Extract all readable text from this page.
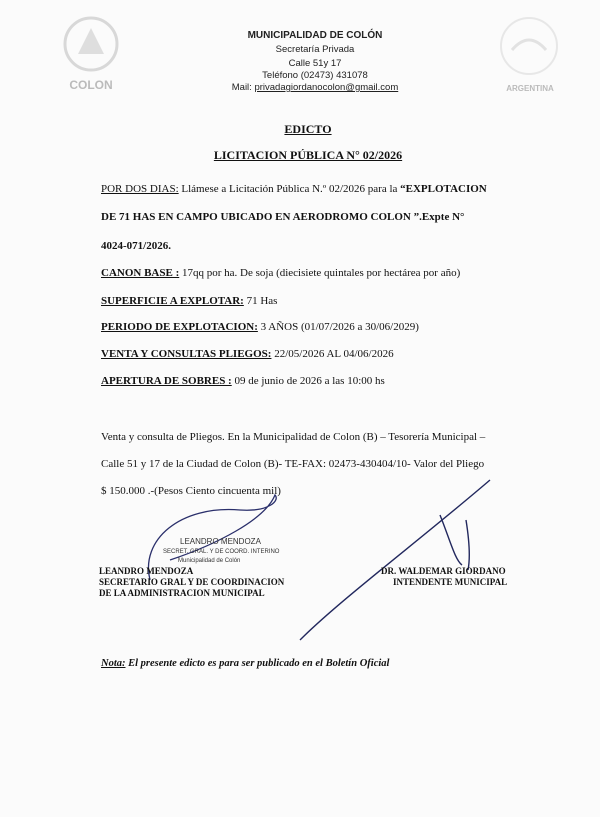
COLON	ARGENTINA
MUNICIPALIDAD DE COLÓN
Secretaría Privada
Calle 51y 17
Teléfono (02473) 431078
Mail: privadagiordanocolon@gmail.com
EDICTO
LICITACION PÚBLICA N° 02/2026
POR DOS DIAS: Llámese a Licitación Pública N.º 02/2026 para la “EXPLOTACION
DE 71 HAS EN CAMPO UBICADO EN AERODROMO COLON ”.Expte N°
4024-071/2026.
CANON BASE : 17qq por ha. De soja (diecisiete quintales por hectárea por año)
SUPERFICIE A EXPLOTAR: 71 Has
PERIODO DE EXPLOTACION: 3 AÑOS (01/07/2026 a 30/06/2029)
VENTA Y CONSULTAS PLIEGOS: 22/05/2026 AL 04/06/2026
APERTURA DE SOBRES : 09 de junio de 2026 a las 10:00 hs
Venta y consulta de Pliegos. En la Municipalidad de Colon (B) – Tesorería Municipal –
Calle 51 y 17 de la Ciudad de Colon (B)- TE-FAX: 02473-430404/10- Valor del Pliego
$ 150.000 .-(Pesos Ciento cincuenta mil)
LEANDRO MENDOZA
SECRET. GRAL. Y DE COORD. INTERINO
Municipalidad de Colón
LEANDRO MENDOZA
SECRETARIO GRAL Y DE COORDINACION
DE LA ADMINISTRACION MUNICIPAL
DR. WALDEMAR GIORDANO
INTENDENTE MUNICIPAL
Nota: El presente edicto es para ser publicado en el Boletín Oficial
